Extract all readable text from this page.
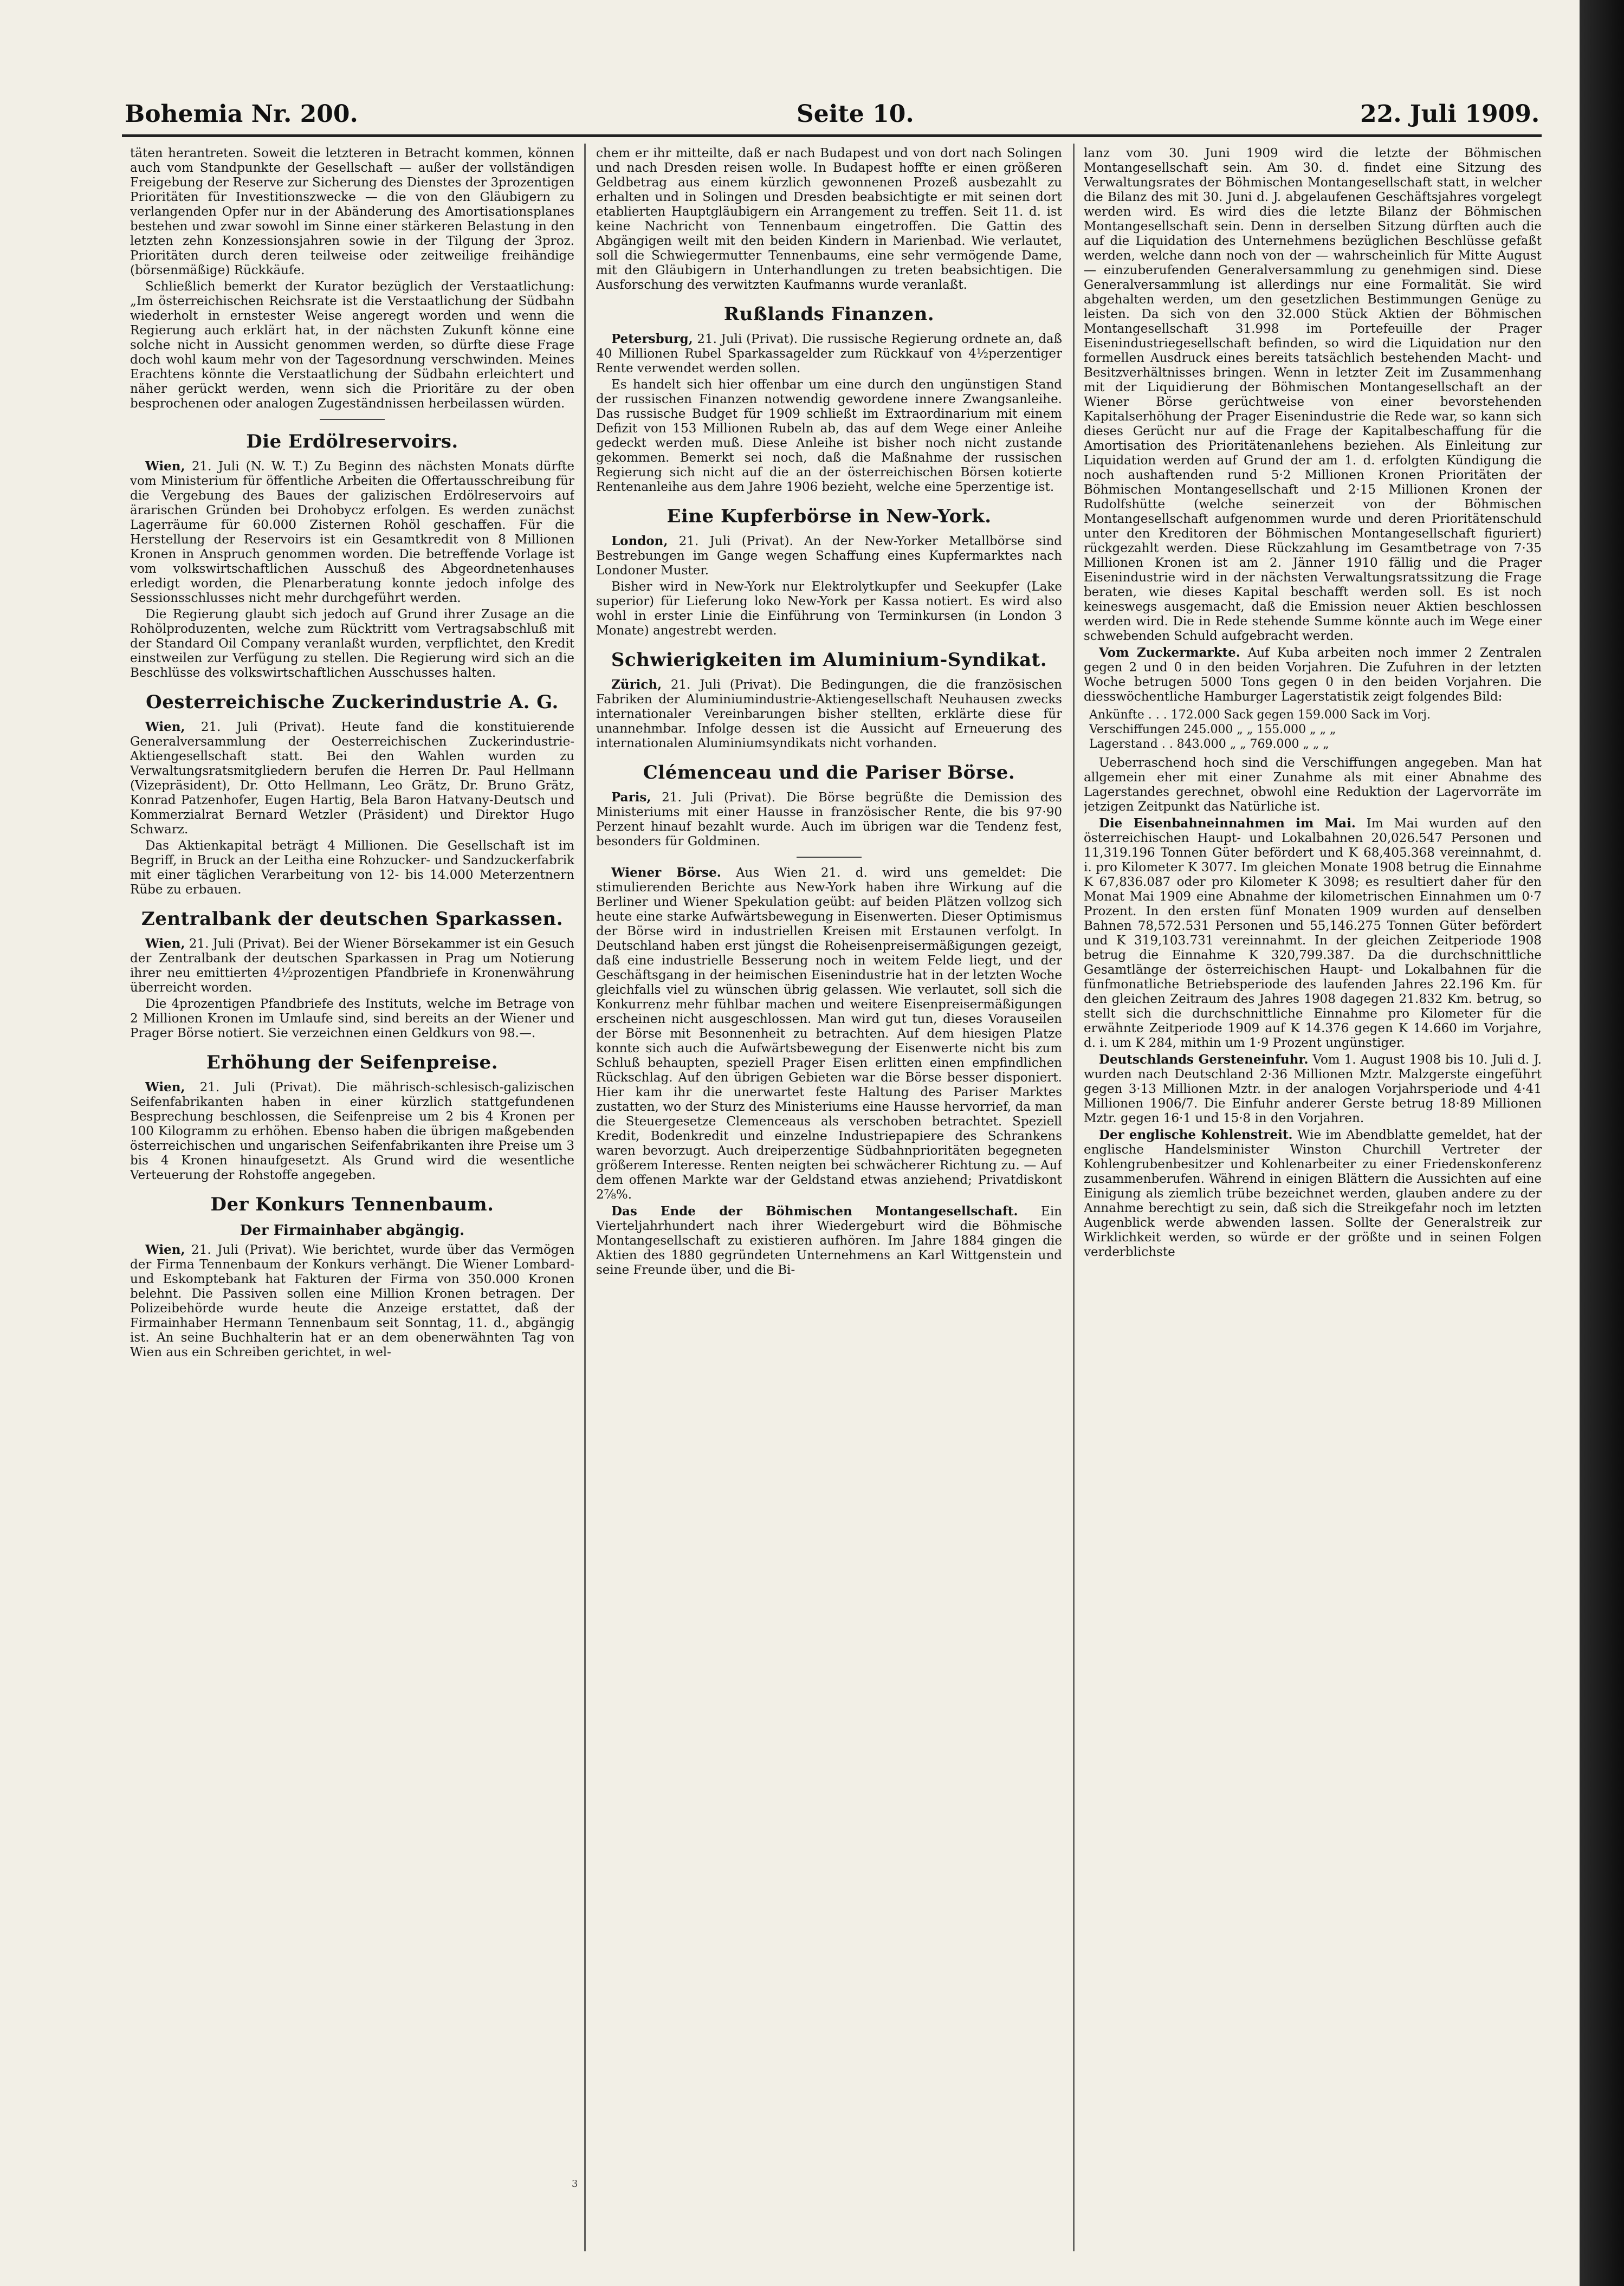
Bohemia Nr. 200.	Seite 10.	22. Juli 1909.

täten herantreten. Soweit die letzteren in Betracht kommen, können auch vom Standpunkte der Gesellschaft — außer der vollständigen Freigebung der Reserve zur Sicherung des Dienstes der 3prozentigen Prioritäten für Investitionszwecke — die von den Gläubigern zu verlangenden Opfer nur in der Abänderung des Amortisationsplanes bestehen und zwar sowohl im Sinne einer stärkeren Belastung in den letzten zehn Konzessionsjahren sowie in der Tilgung der 3proz. Prioritäten durch deren teilweise oder zeitweilige freihändige (börsenmäßige) Rückkäufe.

Schließlich bemerkt der Kurator bezüglich der Verstaatlichung: „Im österreichischen Reichsrate ist die Verstaatlichung der Südbahn wiederholt in ernstester Weise angeregt worden und wenn die Regierung auch erklärt hat, in der nächsten Zukunft könne eine solche nicht in Aussicht genommen werden, so dürfte diese Frage doch wohl kaum mehr von der Tagesordnung verschwinden. Meines Erachtens könnte die Verstaatlichung der Südbahn erleichtert und näher gerückt werden, wenn sich die Prioritäre zu der oben besprochenen oder analogen Zugeständnissen herbeilassen würden.

Die Erdölreservoirs.

Wien, 21. Juli (N. W. T.) Zu Beginn des nächsten Monats dürfte vom Ministerium für öffentliche Arbeiten die Offertausschreibung für die Vergebung des Baues der galizischen Erdölreservoirs auf ärarischen Gründen bei Drohobycz erfolgen. Es werden zunächst Lagerräume für 60.000 Zisternen Rohöl geschaffen. Für die Herstellung der Reservoirs ist ein Gesamtkredit von 8 Millionen Kronen in Anspruch genommen worden. Die betreffende Vorlage ist vom volkswirtschaftlichen Ausschuß des Abgeordnetenhauses erledigt worden, die Plenarberatung konnte jedoch infolge des Sessionsschlusses nicht mehr durchgeführt werden.

Die Regierung glaubt sich jedoch auf Grund ihrer Zusage an die Rohölproduzenten, welche zum Rücktritt vom Vertragsabschluß mit der Standard Oil Company veranlaßt wurden, verpflichtet, den Kredit einstweilen zur Verfügung zu stellen. Die Regierung wird sich an die Beschlüsse des volkswirtschaftlichen Ausschusses halten.

Oesterreichische Zuckerindustrie A. G.

Wien, 21. Juli (Privat). Heute fand die konstituierende Generalversammlung der Oesterreichischen Zuckerindustrie-Aktiengesellschaft statt. Bei den Wahlen wurden zu Verwaltungsratsmitgliedern berufen die Herren Dr. Paul Hellmann (Vizepräsident), Dr. Otto Hellmann, Leo Grätz, Dr. Bruno Grätz, Konrad Patzenhofer, Eugen Hartig, Bela Baron Hatvany-Deutsch und Kommerzialrat Bernard Wetzler (Präsident) und Direktor Hugo Schwarz.

Das Aktienkapital beträgt 4 Millionen. Die Gesellschaft ist im Begriff, in Bruck an der Leitha eine Rohzucker- und Sandzuckerfabrik mit einer täglichen Verarbeitung von 12- bis 14.000 Meterzentnern Rübe zu erbauen.

Zentralbank der deutschen Sparkassen.

Wien, 21. Juli (Privat). Bei der Wiener Börsekammer ist ein Gesuch der Zentralbank der deutschen Sparkassen in Prag um Notierung ihrer neu emittierten 4½prozentigen Pfandbriefe in Kronenwährung überreicht worden.

Die 4prozentigen Pfandbriefe des Instituts, welche im Betrage von 2 Millionen Kronen im Umlaufe sind, sind bereits an der Wiener und Prager Börse notiert. Sie verzeichnen einen Geldkurs von 98.—.

Erhöhung der Seifenpreise.

Wien, 21. Juli (Privat). Die mährisch-schlesisch-galizischen Seifenfabrikanten haben in einer kürzlich stattgefundenen Besprechung beschlossen, die Seifenpreise um 2 bis 4 Kronen per 100 Kilogramm zu erhöhen. Ebenso haben die übrigen maßgebenden österreichischen und ungarischen Seifenfabrikanten ihre Preise um 3 bis 4 Kronen hinaufgesetzt. Als Grund wird die wesentliche Verteuerung der Rohstoffe angegeben.

Der Konkurs Tennenbaum.
Der Firmainhaber abgängig.

Wien, 21. Juli (Privat). Wie berichtet, wurde über das Vermögen der Firma Tennenbaum der Konkurs verhängt. Die Wiener Lombard- und Eskomptebank hat Fakturen der Firma von 350.000 Kronen belehnt. Die Passiven sollen eine Million Kronen betragen. Der Polizeibehörde wurde heute die Anzeige erstattet, daß der Firmainhaber Hermann Tennenbaum seit Sonntag, 11. d., abgängig ist. An seine Buchhalterin hat er an dem obenerwähnten Tag von Wien aus ein Schreiben gerichtet, in wel-

chem er ihr mitteilte, daß er nach Budapest und von dort nach Solingen und nach Dresden reisen wolle. In Budapest hoffte er einen größeren Geldbetrag aus einem kürzlich gewonnenen Prozeß ausbezahlt zu erhalten und in Solingen und Dresden beabsichtigte er mit seinen dort etablierten Hauptgläubigern ein Arrangement zu treffen. Seit 11. d. ist keine Nachricht von Tennenbaum eingetroffen. Die Gattin des Abgängigen weilt mit den beiden Kindern in Marienbad. Wie verlautet, soll die Schwiegermutter Tennenbaums, eine sehr vermögende Dame, mit den Gläubigern in Unterhandlungen zu treten beabsichtigen. Die Ausforschung des verwitzten Kaufmanns wurde veranlaßt.

Rußlands Finanzen.

Petersburg, 21. Juli (Privat). Die russische Regierung ordnete an, daß 40 Millionen Rubel Sparkassagelder zum Rückkauf von 4½perzentiger Rente verwendet werden sollen.

Es handelt sich hier offenbar um eine durch den ungünstigen Stand der russischen Finanzen notwendig gewordene innere Zwangsanleihe. Das russische Budget für 1909 schließt im Extraordinarium mit einem Defizit von 153 Millionen Rubeln ab, das auf dem Wege einer Anleihe gedeckt werden muß. Diese Anleihe ist bisher noch nicht zustande gekommen. Bemerkt sei noch, daß die Maßnahme der russischen Regierung sich nicht auf die an der österreichischen Börsen kotierte Rentenanleihe aus dem Jahre 1906 bezieht, welche eine 5perzentige ist.

Eine Kupferbörse in New-York.

London, 21. Juli (Privat). An der New-Yorker Metallbörse sind Bestrebungen im Gange wegen Schaffung eines Kupfermarktes nach Londoner Muster.

Bisher wird in New-York nur Elektrolytkupfer und Seekupfer (Lake superior) für Lieferung loko New-York per Kassa notiert. Es wird also wohl in erster Linie die Einführung von Terminkursen (in London 3 Monate) angestrebt werden.

Schwierigkeiten im Aluminium-Syndikat.

Zürich, 21. Juli (Privat). Die Bedingungen, die die französischen Fabriken der Aluminiumindustrie-Aktiengesellschaft Neuhausen zwecks internationaler Vereinbarungen bisher stellten, erklärte diese für unannehmbar. Infolge dessen ist die Aussicht auf Erneuerung des internationalen Aluminiumsyndikats nicht vorhanden.

Clémenceau und die Pariser Börse.

Paris, 21. Juli (Privat). Die Börse begrüßte die Demission des Ministeriums mit einer Hausse in französischer Rente, die bis 97·90 Perzent hinauf bezahlt wurde. Auch im übrigen war die Tendenz fest, besonders für Goldminen.

Wiener Börse. Aus Wien 21. d. wird uns gemeldet: Die stimulierenden Berichte aus New-York haben ihre Wirkung auf die Berliner und Wiener Spekulation geübt: auf beiden Plätzen vollzog sich heute eine starke Aufwärtsbewegung in Eisenwerten. Dieser Optimismus der Börse wird in industriellen Kreisen mit Erstaunen verfolgt. In Deutschland haben erst jüngst die Roheisenpreisermäßigungen gezeigt, daß eine industrielle Besserung noch in weitem Felde liegt, und der Geschäftsgang in der heimischen Eisenindustrie hat in der letzten Woche gleichfalls viel zu wünschen übrig gelassen. Wie verlautet, soll sich die Konkurrenz mehr fühlbar machen und weitere Eisenpreisermäßigungen erscheinen nicht ausgeschlossen. Man wird gut tun, dieses Vorauseilen der Börse mit Besonnenheit zu betrachten. Auf dem hiesigen Platze konnte sich auch die Aufwärtsbewegung der Eisenwerte nicht bis zum Schluß behaupten, speziell Prager Eisen erlitten einen empfindlichen Rückschlag. Auf den übrigen Gebieten war die Börse besser disponiert. Hier kam ihr die unerwartet feste Haltung des Pariser Marktes zustatten, wo der Sturz des Ministeriums eine Hausse hervorrief, da man die Steuergesetze Clemenceaus als verschoben betrachtet. Speziell Kredit, Bodenkredit und einzelne Industriepapiere des Schrankens waren bevorzugt. Auch dreiperzentige Südbahnprioritäten begegneten größerem Interesse. Renten neigten bei schwächerer Richtung zu. — Auf dem offenen Markte war der Geldstand etwas anziehend; Privatdiskont 2⅞%.

Das Ende der Böhmischen Montangesellschaft. Ein Vierteljahrhundert nach ihrer Wiedergeburt wird die Böhmische Montangesellschaft zu existieren aufhören. Im Jahre 1884 gingen die Aktien des 1880 gegründeten Unternehmens an Karl Wittgenstein und seine Freunde über, und die Bi-

lanz vom 30. Juni 1909 wird die letzte der Böhmischen Montangesellschaft sein. Am 30. d. findet eine Sitzung des Verwaltungsrates der Böhmischen Montangesellschaft statt, in welcher die Bilanz des mit 30. Juni d. J. abgelaufenen Geschäftsjahres vorgelegt werden wird. Es wird dies die letzte Bilanz der Böhmischen Montangesellschaft sein. Denn in derselben Sitzung dürften auch die auf die Liquidation des Unternehmens bezüglichen Beschlüsse gefaßt werden, welche dann noch von der — wahrscheinlich für Mitte August — einzuberufenden Generalversammlung zu genehmigen sind. Diese Generalversammlung ist allerdings nur eine Formalität. Sie wird abgehalten werden, um den gesetzlichen Bestimmungen Genüge zu leisten. Da sich von den 32.000 Stück Aktien der Böhmischen Montangesellschaft 31.998 im Portefeuille der Prager Eisenindustriegesellschaft befinden, so wird die Liquidation nur den formellen Ausdruck eines bereits tatsächlich bestehenden Macht- und Besitzverhältnisses bringen. Wenn in letzter Zeit im Zusammenhang mit der Liquidierung der Böhmischen Montangesellschaft an der Wiener Börse gerüchtweise von einer bevorstehenden Kapitalserhöhung der Prager Eisenindustrie die Rede war, so kann sich dieses Gerücht nur auf die Frage der Kapitalbeschaffung für die Amortisation des Prioritätenanlehens beziehen. Als Einleitung zur Liquidation werden auf Grund der am 1. d. erfolgten Kündigung die noch aushaftenden rund 5·2 Millionen Kronen Prioritäten der Böhmischen Montangesellschaft und 2·15 Millionen Kronen der Rudolfshütte (welche seinerzeit von der Böhmischen Montangesellschaft aufgenommen wurde und deren Prioritätenschuld unter den Kreditoren der Böhmischen Montangesellschaft figuriert) rückgezahlt werden. Diese Rückzahlung im Gesamtbetrage von 7·35 Millionen Kronen ist am 2. Jänner 1910 fällig und die Prager Eisenindustrie wird in der nächsten Verwaltungsratssitzung die Frage beraten, wie dieses Kapital beschafft werden soll. Es ist noch keineswegs ausgemacht, daß die Emission neuer Aktien beschlossen werden wird. Die in Rede stehende Summe könnte auch im Wege einer schwebenden Schuld aufgebracht werden.

Vom Zuckermarkte. Auf Kuba arbeiten noch immer 2 Zentralen gegen 2 und 0 in den beiden Vorjahren. Die Zufuhren in der letzten Woche betrugen 5000 Tons gegen 0 in den beiden Vorjahren. Die diesswöchentliche Hamburger Lagerstatistik zeigt folgendes Bild:

Ankünfte . . . 172.000 Sack gegen 159.000 Sack im Vorj.
Verschiffungen 245.000 „ „ 155.000 „ „ „
Lagerstand . . 843.000 „ „ 769.000 „ „ „

Ueberraschend hoch sind die Verschiffungen angegeben. Man hat allgemein eher mit einer Zunahme als mit einer Abnahme des Lagerstandes gerechnet, obwohl eine Reduktion der Lagervorräte im jetzigen Zeitpunkt das Natürliche ist.

Die Eisenbahneinnahmen im Mai. Im Mai wurden auf den österreichischen Haupt- und Lokalbahnen 20,026.547 Personen und 11,319.196 Tonnen Güter befördert und K 68,405.368 vereinnahmt, d. i. pro Kilometer K 3077. Im gleichen Monate 1908 betrug die Einnahme K 67,836.087 oder pro Kilometer K 3098; es resultiert daher für den Monat Mai 1909 eine Abnahme der kilometrischen Einnahmen um 0·7 Prozent. In den ersten fünf Monaten 1909 wurden auf denselben Bahnen 78,572.531 Personen und 55,146.275 Tonnen Güter befördert und K 319,103.731 vereinnahmt. In der gleichen Zeitperiode 1908 betrug die Einnahme K 320,799.387. Da die durchschnittliche Gesamtlänge der österreichischen Haupt- und Lokalbahnen für die fünfmonatliche Betriebsperiode des laufenden Jahres 22.196 Km. für den gleichen Zeitraum des Jahres 1908 dagegen 21.832 Km. betrug, so stellt sich die durchschnittliche Einnahme pro Kilometer für die erwähnte Zeitperiode 1909 auf K 14.376 gegen K 14.660 im Vorjahre, d. i. um K 284, mithin um 1·9 Prozent ungünstiger.

Deutschlands Gersteneinfuhr. Vom 1. August 1908 bis 10. Juli d. J. wurden nach Deutschland 2·36 Millionen Mztr. Malzgerste eingeführt gegen 3·13 Millionen Mztr. in der analogen Vorjahrsperiode und 4·41 Millionen 1906/7. Die Einfuhr anderer Gerste betrug 18·89 Millionen Mztr. gegen 16·1 und 15·8 in den Vorjahren.

Der englische Kohlenstreit. Wie im Abendblatte gemeldet, hat der englische Handelsminister Winston Churchill Vertreter der Kohlengrubenbesitzer und Kohlenarbeiter zu einer Friedenskonferenz zusammenberufen. Während in einigen Blättern die Aussichten auf eine Einigung als ziemlich trübe bezeichnet werden, glauben andere zu der Annahme berechtigt zu sein, daß sich die Streikgefahr noch im letzten Augenblick werde abwenden lassen. Sollte der Generalstreik zur Wirklichkeit werden, so würde er der größte und in seinen Folgen verderblichste

3
